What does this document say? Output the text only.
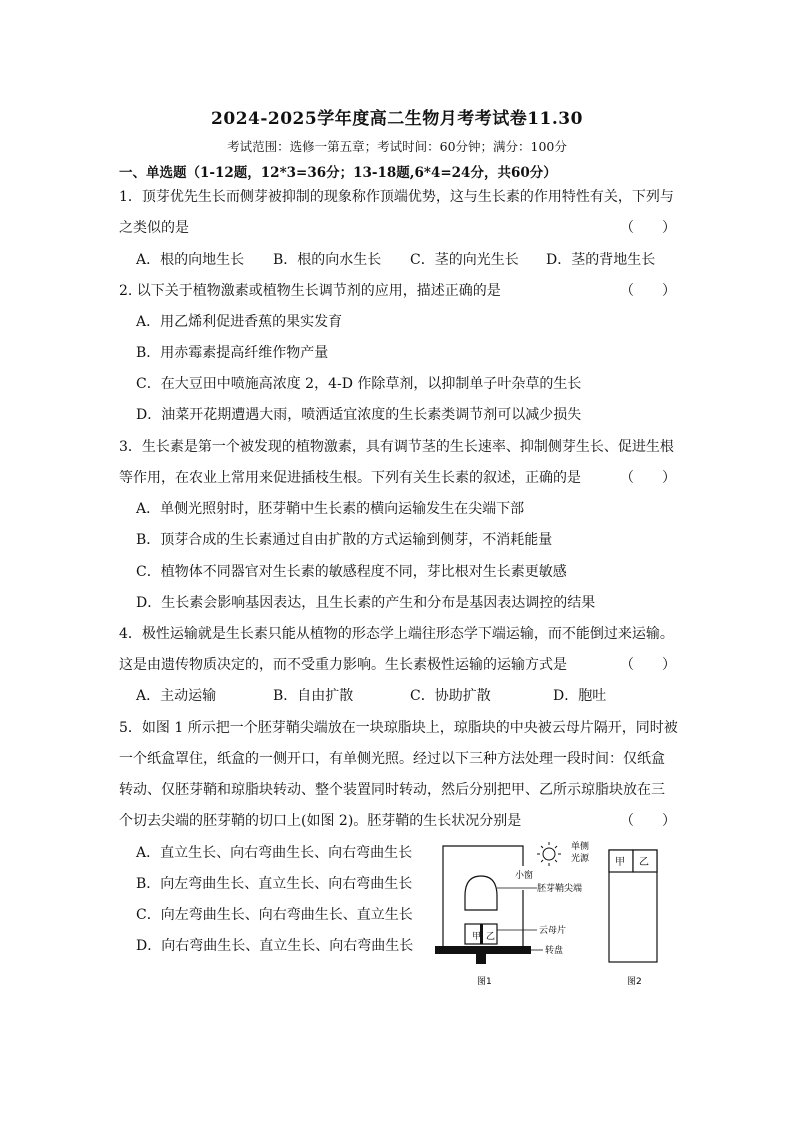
2024-2025学年度高二生物月考考试卷11.30
考试范围：选修一第五章；考试时间：60分钟；满分：100分
一、单选题（1-12题，12*3=36分；13-18题,6*4=24分，共60分）
1．顶芽优先生长而侧芽被抑制的现象称作顶端优势，这与生长素的作用特性有关，下列与
之类似的是	（　　）
A．根的向地生长 B．根的向水生长 C．茎的向光生长 D．茎的背地生长
2. 以下关于植物激素或植物生长调节剂的应用，描述正确的是	（　　）
A．用乙烯利促进香蕉的果实发育
B．用赤霉素提高纤维作物产量
C．在大豆田中喷施高浓度 2，4-D 作除草剂，以抑制单子叶杂草的生长
D．油菜开花期遭遇大雨，喷洒适宜浓度的生长素类调节剂可以减少损失
3．生长素是第一个被发现的植物激素，具有调节茎的生长速率、抑制侧芽生长、促进生根
等作用，在农业上常用来促进插枝生根。下列有关生长素的叙述，正确的是	（　　）
A．单侧光照射时，胚芽鞘中生长素的横向运输发生在尖端下部
B．顶芽合成的生长素通过自由扩散的方式运输到侧芽，不消耗能量
C．植物体不同器官对生长素的敏感程度不同，芽比根对生长素更敏感
D．生长素会影响基因表达，且生长素的产生和分布是基因表达调控的结果
4．极性运输就是生长素只能从植物的形态学上端往形态学下端运输，而不能倒过来运输。
这是由遗传物质决定的，而不受重力影响。生长素极性运输的运输方式是	（　　）
A．主动运输	B．自由扩散	C．协助扩散	D．胞吐
5．如图 1 所示把一个胚芽鞘尖端放在一块琼脂块上，琼脂块的中央被云母片隔开，同时被
一个纸盒罩住，纸盒的一侧开口，有单侧光照。经过以下三种方法处理一段时间：仅纸盒
转动、仅胚芽鞘和琼脂块转动、整个装置同时转动，然后分别把甲、乙所示琼脂块放在三
个切去尖端的胚芽鞘的切口上(如图 2)。胚芽鞘的生长状况分别是	（　　）
A．直立生长、向右弯曲生长、向右弯曲生长
B．向左弯曲生长、直立生长、向右弯曲生长
C．向左弯曲生长、向右弯曲生长、直立生长
D．向右弯曲生长、直立生长、向右弯曲生长
单侧
光源
小窗
胚芽鞘尖端
甲 乙
云母片
转盘
图1
甲 乙
图2
